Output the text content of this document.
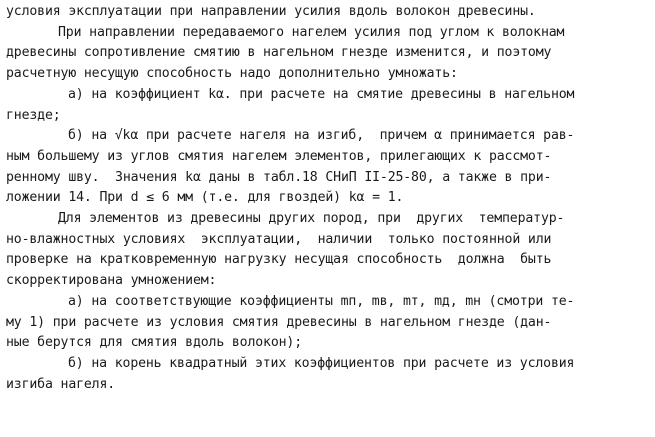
условия эксплуатации при направлении усилия вдоль волокон древесины.
При направлении передаваемого нагелем усилия под углом к волокнам
древесины сопротивление смятию в нагельном гнезде изменится, и поэтому
расчетную несущую способность надо дополнительно умножать:
а) на коэффициент kα. при расчете на смятие древесины в нагельном
гнезде;
б) на √kα при расчете нагеля на изгиб,  причем α принимается рав-
ным большему из углов смятия нагелем элементов, прилегающих к рассмот-
ренному шву.  Значения kα даны в табл.18 СНиП II-25-80, а также в при-
ложении 14. При d ≤ 6 мм (т.е. для гвоздей) kα = 1.
Для элементов из древесины других пород, при  других  температур-
но-влажностных условиях  эксплуатации,  наличии  только постоянной или
проверке на кратковременную нагрузку несущая способность  должна  быть
скорректирована умножением:
а) на соответствующие коэффициенты mп, mв, mт, mд, mн (смотри те-
му 1) при расчете из условия смятия древесины в нагельном гнезде (дан-
ные берутся для смятия вдоль волокон);
б) на корень квадратный этих коэффициентов при расчете из условия
изгиба нагеля.
